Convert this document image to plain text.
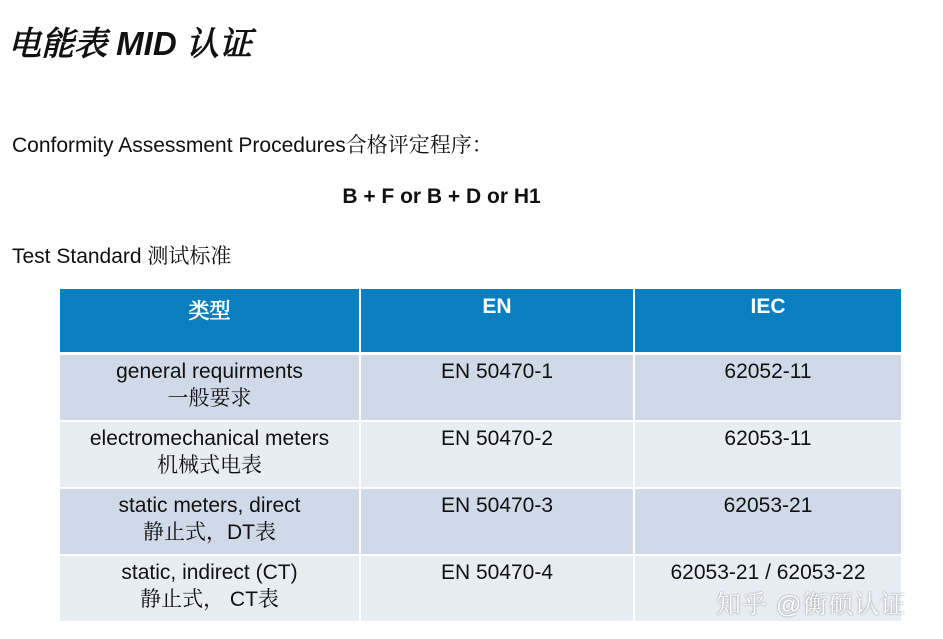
电能表 MID 认证
Conformity Assessment Procedures合格评定程序：
B + F or B + D or H1
Test Standard 测试标准
类型	EN	IEC

general requirments
一般要求	EN 50470-1	62052-11

electromechanical meters
机械式电表	EN 50470-2	62053-11

static meters, direct
静止式，DT表	EN 50470-3	62053-21

static, indirect (CT)
静止式， CT表	EN 50470-4	62053-21 / 62053-22
知乎 @衡硕认证
